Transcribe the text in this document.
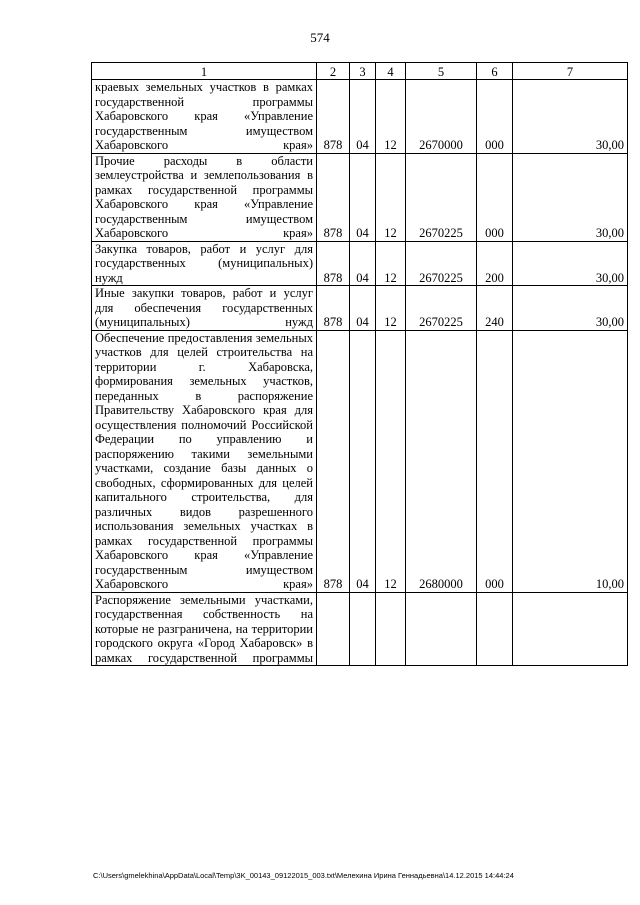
574
1	2	3	4	5	6	7
краевых земельных участков в рамках государственной программы Хабаровского края «Управление государственным имуществом Хабаровского края»	878	04	12	2670000	000	30,00
Прочие расходы в области землеустройства и землепользования в рамках государственной программы Хабаровского края «Управление государственным имуществом Хабаровского края»	878	04	12	2670225	000	30,00
Закупка товаров, работ и услуг для государственных (муниципальных) нужд	878	04	12	2670225	200	30,00
Иные закупки товаров, работ и услуг для обеспечения государственных (муниципальных) нужд	878	04	12	2670225	240	30,00
Обеспечение предоставления земельных участков для целей строительства на территории г. Хабаровска, формирования земельных участков, переданных в распоряжение Правительству Хабаровского края для осуществления полномочий Российской Федерации по управлению и распоряжению такими земельными участками, создание базы данных о свободных, сформированных для целей капитального строительства, для различных видов разрешенного использования земельных участках в рамках государственной программы Хабаровского края «Управление государственным имуществом Хабаровского края»	878	04	12	2680000	000	10,00
Распоряжение земельными участками, государственная собственность на которые не разграничена, на территории городского округа «Город Хабаровск» в рамках государственной программы						
C:\Users\gmelekhina\AppData\Local\Temp\3K_00143_09122015_003.txt\Мелехина Ирина Геннадьевна\14.12.2015 14:44:24
